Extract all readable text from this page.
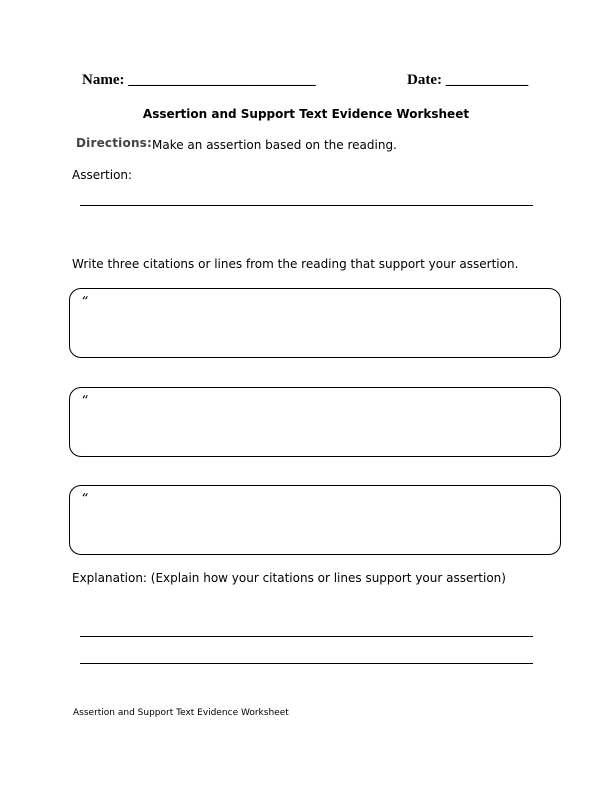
Name: _________________________	Date: ___________
Assertion and Support Text Evidence Worksheet
Directions: Make an assertion based on the reading.
Assertion:
Write three citations or lines from the reading that support your assertion.
“
“
“
Explanation: (Explain how your citations or lines support your assertion)
Assertion and Support Text Evidence Worksheet
